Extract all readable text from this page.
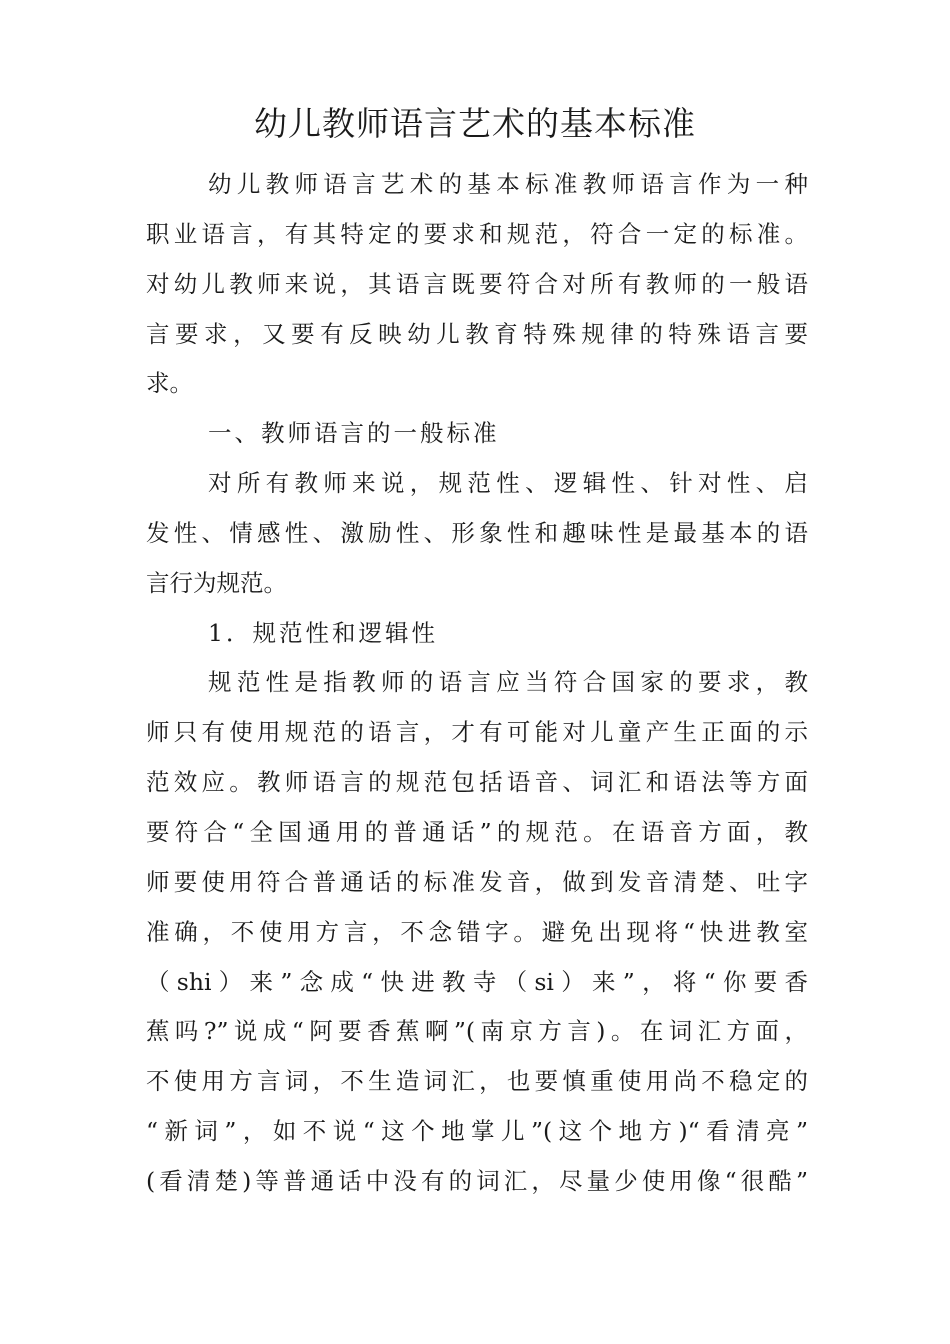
幼儿教师语言艺术的基本标准
幼儿教师语言艺术的基本标准教师语言作为一种
职业语言，有其特定的要求和规范，符合一定的标准。
对幼儿教师来说，其语言既要符合对所有教师的一般语
言要求，又要有反映幼儿教育特殊规律的特殊语言要
求。
一、教师语言的一般标准
对所有教师来说，规范性、逻辑性、针对性、启
发性、情感性、激励性、形象性和趣味性是最基本的语
言行为规范。
1．规范性和逻辑性
规范性是指教师的语言应当符合国家的要求，教
师只有使用规范的语言，才有可能对儿童产生正面的示
范效应。教师语言的规范包括语音、词汇和语法等方面
要符合“全国通用的普通话”的规范。在语音方面，教
师要使用符合普通话的标准发音，做到发音清楚、吐字
准确，不使用方言，不念错字。避免出现将“快进教室
（shi）来”念成“快进教寺（si）来”，将“你要香
蕉吗?”说成“阿要香蕉啊”(南京方言)。在词汇方面，
不使用方言词，不生造词汇，也要慎重使用尚不稳定的
“新词”，如不说“这个地掌儿”(这个地方)“看清亮”
(看清楚)等普通话中没有的词汇，尽量少使用像“很酷”
